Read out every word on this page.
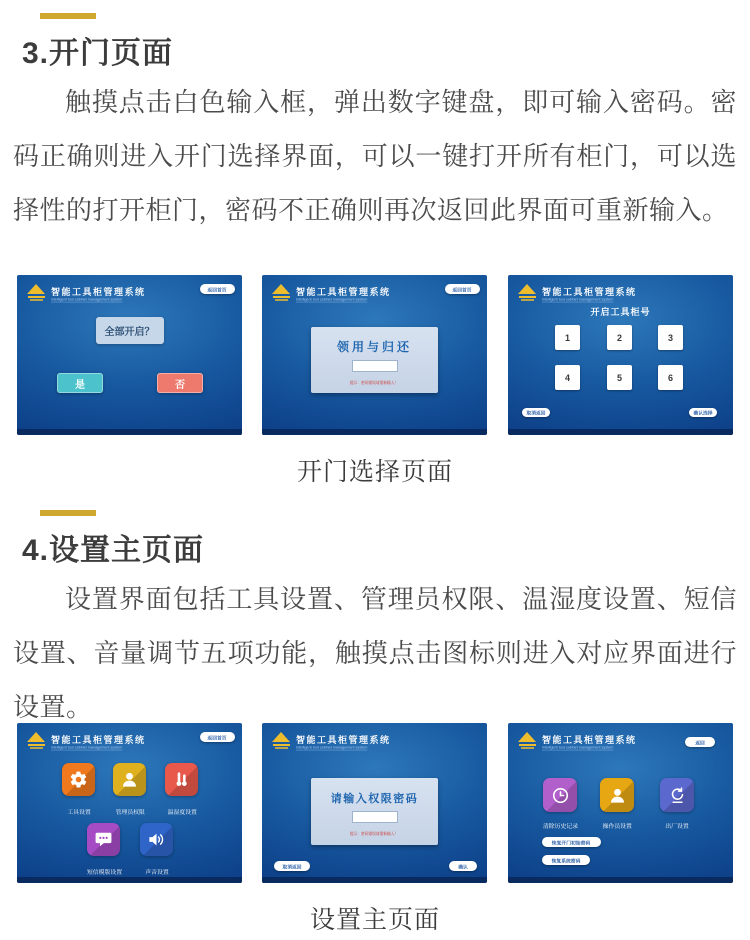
3.开门页面
触摸点击白色输入框，弹出数字键盘，即可输入密码。密码正确则进入开门选择界面，可以一键打开所有柜门，可以选择性的打开柜门，密码不正确则再次返回此界面可重新输入。
智能工具柜管理系统
intelligent tool cabinet management system
返回首页
全部开启？
是	否
智能工具柜管理系统
intelligent tool cabinet management system
返回首页
领用与归还
提示：密码错误请重新输入！
智能工具柜管理系统
intelligent tool cabinet management system
开启工具柜号
1	2	3
4	5	6
取消返回	确认选择
开门选择页面
4.设置主页面
设置界面包括工具设置、管理员权限、温湿度设置、短信设置、音量调节五项功能，触摸点击图标则进入对应界面进行设置。
智能工具柜管理系统
intelligent tool cabinet management system
返回首页
工具设置	管理员权限	温湿度设置
短信模版设置	声音设置
智能工具柜管理系统
intelligent tool cabinet management system
请输入权限密码
提示：密码错误请重新输入！
取消返回	确认
智能工具柜管理系统
intelligent tool cabinet management system
返回
清除历史记录	操作员设置	出厂设置
恢复开门初始密码
恢复系统密码
设置主页面
